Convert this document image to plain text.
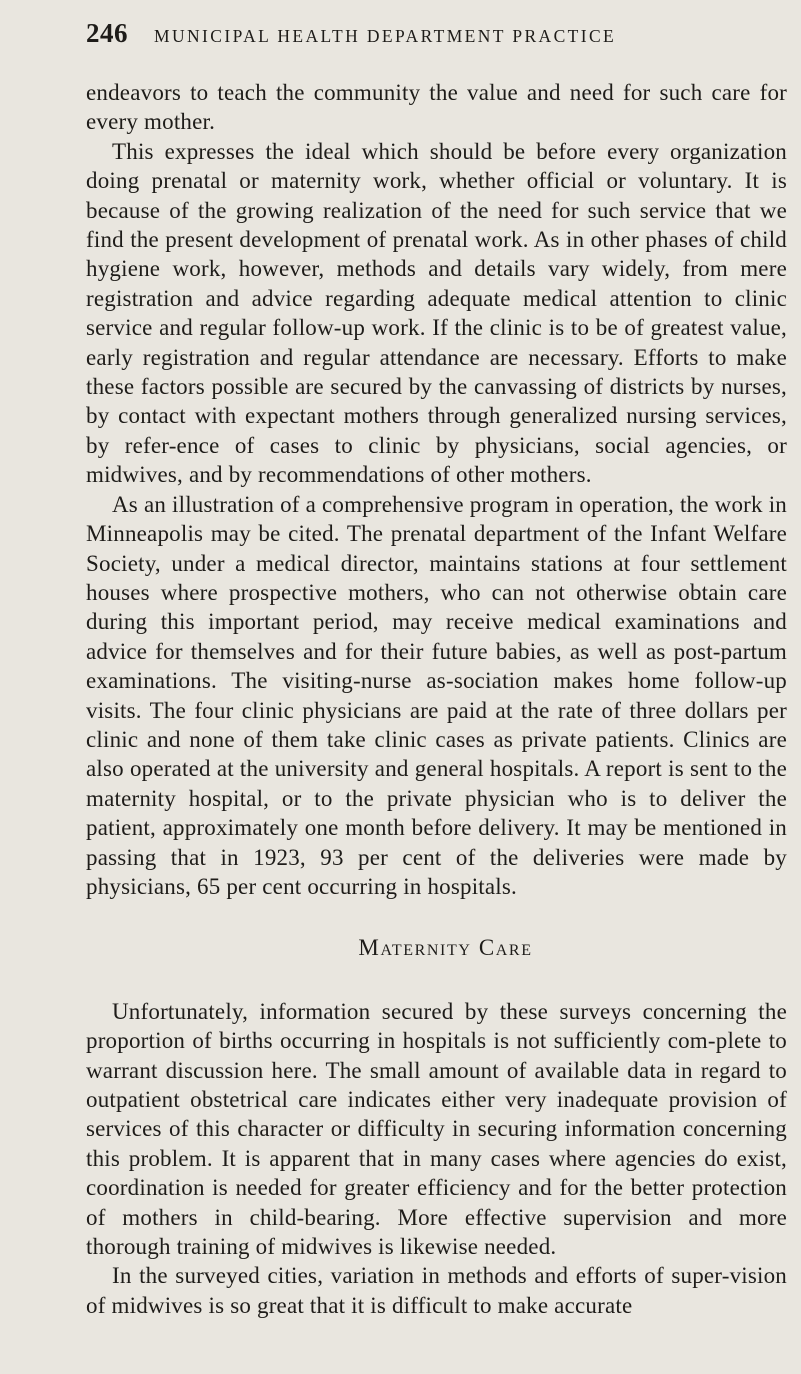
246 MUNICIPAL HEALTH DEPARTMENT PRACTICE

endeavors to teach the community the value and need for such care for every mother.

This expresses the ideal which should be before every organization doing prenatal or maternity work, whether official or voluntary. It is because of the growing realization of the need for such service that we find the present development of prenatal work. As in other phases of child hygiene work, however, methods and details vary widely, from mere registration and advice regarding adequate medical attention to clinic service and regular follow-up work. If the clinic is to be of greatest value, early registration and regular attendance are necessary. Efforts to make these factors possible are secured by the canvassing of districts by nurses, by contact with expectant mothers through generalized nursing services, by refer-ence of cases to clinic by physicians, social agencies, or midwives, and by recommendations of other mothers.

As an illustration of a comprehensive program in operation, the work in Minneapolis may be cited. The prenatal department of the Infant Welfare Society, under a medical director, maintains stations at four settlement houses where prospective mothers, who can not otherwise obtain care during this important period, may receive medical examinations and advice for themselves and for their future babies, as well as post-partum examinations. The visiting-nurse as-sociation makes home follow-up visits. The four clinic physicians are paid at the rate of three dollars per clinic and none of them take clinic cases as private patients. Clinics are also operated at the university and general hospitals. A report is sent to the maternity hospital, or to the private physician who is to deliver the patient, approximately one month before delivery. It may be mentioned in passing that in 1923, 93 per cent of the deliveries were made by physicians, 65 per cent occurring in hospitals.

Maternity Care

Unfortunately, information secured by these surveys concerning the proportion of births occurring in hospitals is not sufficiently com-plete to warrant discussion here. The small amount of available data in regard to outpatient obstetrical care indicates either very inadequate provision of services of this character or difficulty in securing information concerning this problem. It is apparent that in many cases where agencies do exist, coordination is needed for greater efficiency and for the better protection of mothers in child-bearing. More effective supervision and more thorough training of midwives is likewise needed.

In the surveyed cities, variation in methods and efforts of super-vision of midwives is so great that it is difficult to make accurate
